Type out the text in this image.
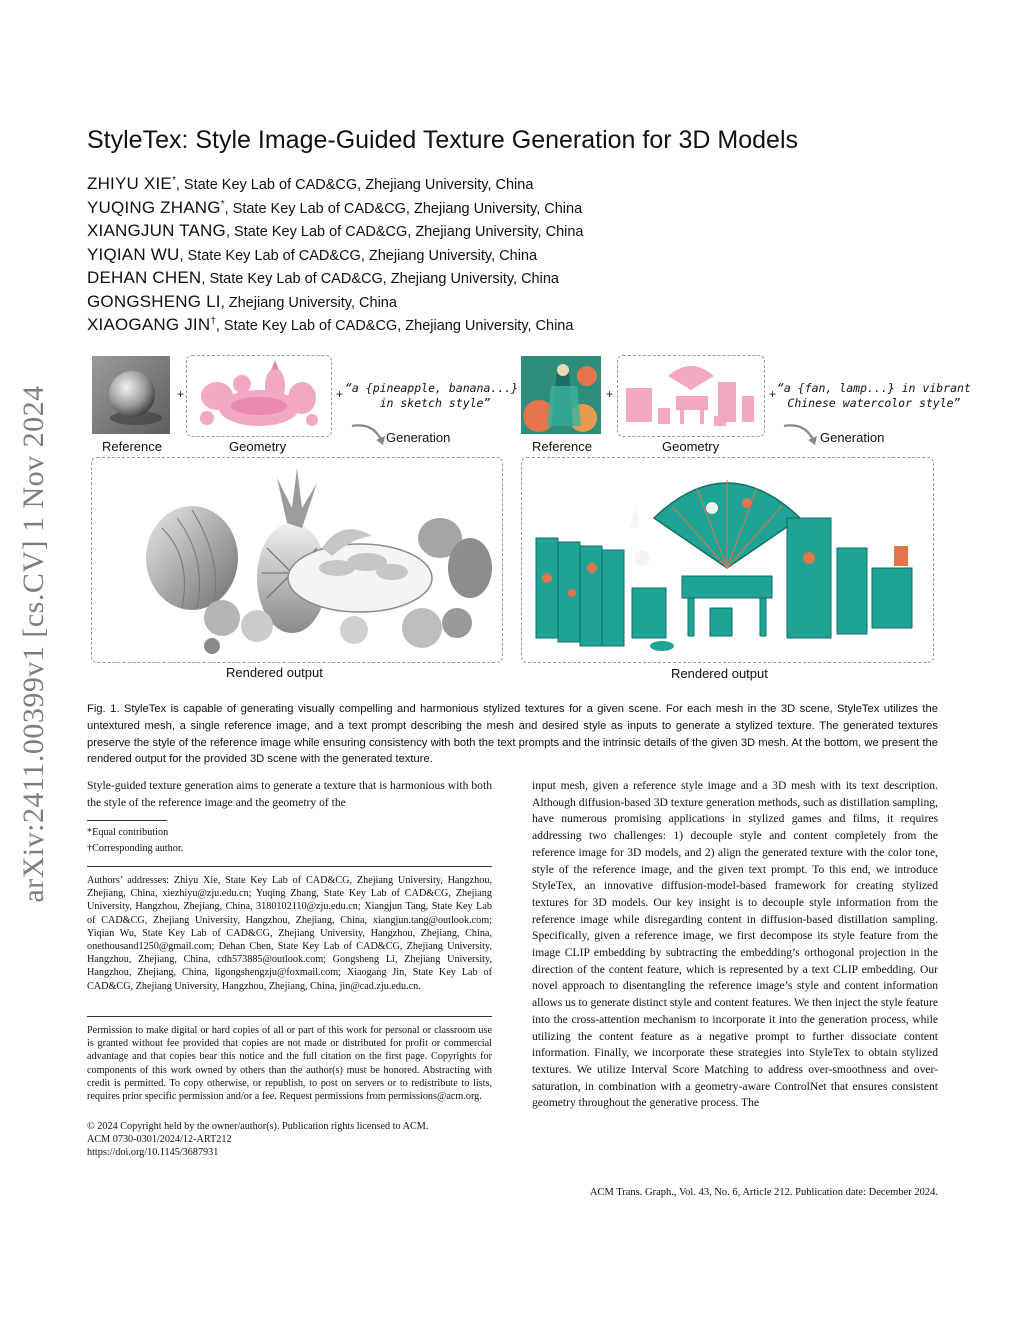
arXiv:2411.00399v1 [cs.CV] 1 Nov 2024
StyleTex: Style Image-Guided Texture Generation for 3D Models
ZHIYU XIE*, State Key Lab of CAD&CG, Zhejiang University, China
YUQING ZHANG*, State Key Lab of CAD&CG, Zhejiang University, China
XIANGJUN TANG, State Key Lab of CAD&CG, Zhejiang University, China
YIQIAN WU, State Key Lab of CAD&CG, Zhejiang University, China
DEHAN CHEN, State Key Lab of CAD&CG, Zhejiang University, China
GONGSHENG LI, Zhejiang University, China
XIAOGANG JIN†, State Key Lab of CAD&CG, Zhejiang University, China
+	+ “a {pineapple, banana...}
in sketch style”
Reference	Geometry
Generation
Rendered output
+	+ “a {fan, lamp...} in vibrant
Chinese watercolor style”
Reference	Geometry
Generation
Rendered output
Fig. 1. StyleTex is capable of generating visually compelling and harmonious stylized textures for a given scene. For each mesh in the 3D scene, StyleTex utilizes the untextured mesh, a single reference image, and a text prompt describing the mesh and desired style as inputs to generate a stylized texture. The generated textures preserve the style of the reference image while ensuring consistency with both the text prompts and the intrinsic details of the given 3D mesh. At the bottom, we present the rendered output for the provided 3D scene with the generated texture.
Style-guided texture generation aims to generate a texture that is harmonious with both the style of the reference image and the geometry of the
*Equal contribution
†Corresponding author.
Authors’ addresses: Zhiyu Xie, State Key Lab of CAD&CG, Zhejiang University, Hangzhou, Zhejiang, China, xiezhiyu@zju.edu.cn; Yuqing Zhang, State Key Lab of CAD&CG, Zhejiang University, Hangzhou, Zhejiang, China, 3180102110@zju.edu.cn; Xiangjun Tang, State Key Lab of CAD&CG, Zhejiang University, Hangzhou, Zhejiang, China, xiangjun.tang@outlook.com; Yiqian Wu, State Key Lab of CAD&CG, Zhejiang University, Hangzhou, Zhejiang, China, onethousand1250@gmail.com; Dehan Chen, State Key Lab of CAD&CG, Zhejiang University, Hangzhou, Zhejiang, China, cdh573885@outlook.com; Gongsheng Li, Zhejiang University, Hangzhou, Zhejiang, China, ligongshengzju@foxmail.com; Xiaogang Jin, State Key Lab of CAD&CG, Zhejiang University, Hangzhou, Zhejiang, China, jin@cad.zju.edu.cn.
Permission to make digital or hard copies of all or part of this work for personal or classroom use is granted without fee provided that copies are not made or distributed for profit or commercial advantage and that copies bear this notice and the full citation on the first page. Copyrights for components of this work owned by others than the author(s) must be honored. Abstracting with credit is permitted. To copy otherwise, or republish, to post on servers or to redistribute to lists, requires prior specific permission and/or a fee. Request permissions from permissions@acm.org.
© 2024 Copyright held by the owner/author(s). Publication rights licensed to ACM.
ACM 0730-0301/2024/12-ART212
https://doi.org/10.1145/3687931
input mesh, given a reference style image and a 3D mesh with its text description. Although diffusion-based 3D texture generation methods, such as distillation sampling, have numerous promising applications in stylized games and films, it requires addressing two challenges: 1) decouple style and content completely from the reference image for 3D models, and 2) align the generated texture with the color tone, style of the reference image, and the given text prompt. To this end, we introduce StyleTex, an innovative diffusion-model-based framework for creating stylized textures for 3D models. Our key insight is to decouple style information from the reference image while disregarding content in diffusion-based distillation sampling. Specifically, given a reference image, we first decompose its style feature from the image CLIP embedding by subtracting the embedding’s orthogonal projection in the direction of the content feature, which is represented by a text CLIP embedding. Our novel approach to disentangling the reference image’s style and content information allows us to generate distinct style and content features. We then inject the style feature into the cross-attention mechanism to incorporate it into the generation process, while utilizing the content feature as a negative prompt to further dissociate content information. Finally, we incorporate these strategies into StyleTex to obtain stylized textures. We utilize Interval Score Matching to address over-smoothness and over-saturation, in combination with a geometry-aware ControlNet that ensures consistent geometry throughout the generative process. The
ACM Trans. Graph., Vol. 43, No. 6, Article 212. Publication date: December 2024.
